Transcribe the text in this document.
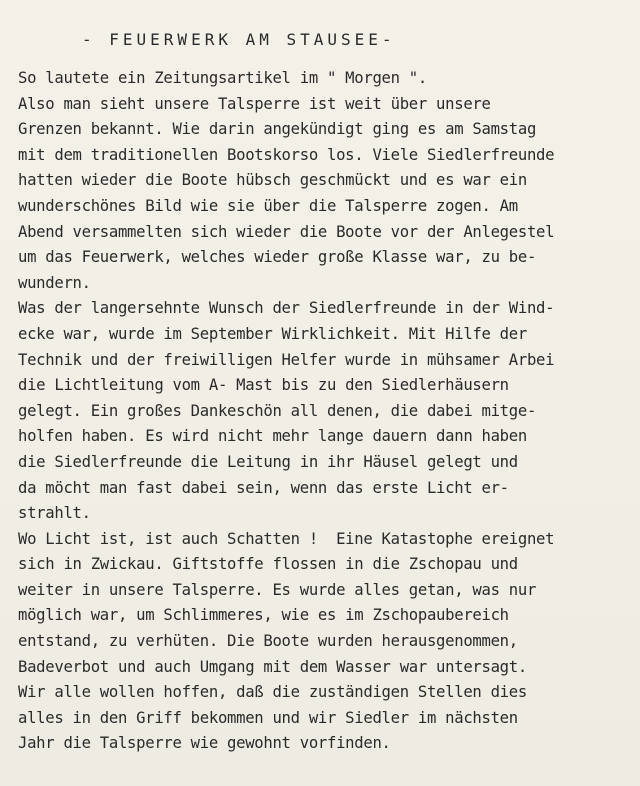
- FEUERWERK AM STAUSEE-
So lautete ein Zeitungsartikel im " Morgen ".
Also man sieht unsere Talsperre ist weit über unsere
Grenzen bekannt. Wie darin angekündigt ging es am Samstag
mit dem traditionellen Bootskorso los. Viele Siedlerfreunde
hatten wieder die Boote hübsch geschmückt und es war ein
wunderschönes Bild wie sie über die Talsperre zogen. Am
Abend versammelten sich wieder die Boote vor der Anlegestel
um das Feuerwerk, welches wieder große Klasse war, zu be-
wundern.
Was der langersehnte Wunsch der Siedlerfreunde in der Wind-
ecke war, wurde im September Wirklichkeit. Mit Hilfe der
Technik und der freiwilligen Helfer wurde in mühsamer Arbei
die Lichtleitung vom A- Mast bis zu den Siedlerhäusern
gelegt. Ein großes Dankeschön all denen, die dabei mitge-
holfen haben. Es wird nicht mehr lange dauern dann haben
die Siedlerfreunde die Leitung in ihr Häusel gelegt und
da möcht man fast dabei sein, wenn das erste Licht er-
strahlt.
Wo Licht ist, ist auch Schatten !  Eine Katastophe ereignet
sich in Zwickau. Giftstoffe flossen in die Zschopau und
weiter in unsere Talsperre. Es wurde alles getan, was nur
möglich war, um Schlimmeres, wie es im Zschopaubereich
entstand, zu verhüten. Die Boote wurden herausgenommen,
Badeverbot und auch Umgang mit dem Wasser war untersagt.
Wir alle wollen hoffen, daß die zuständigen Stellen dies
alles in den Griff bekommen und wir Siedler im nächsten
Jahr die Talsperre wie gewohnt vorfinden.
